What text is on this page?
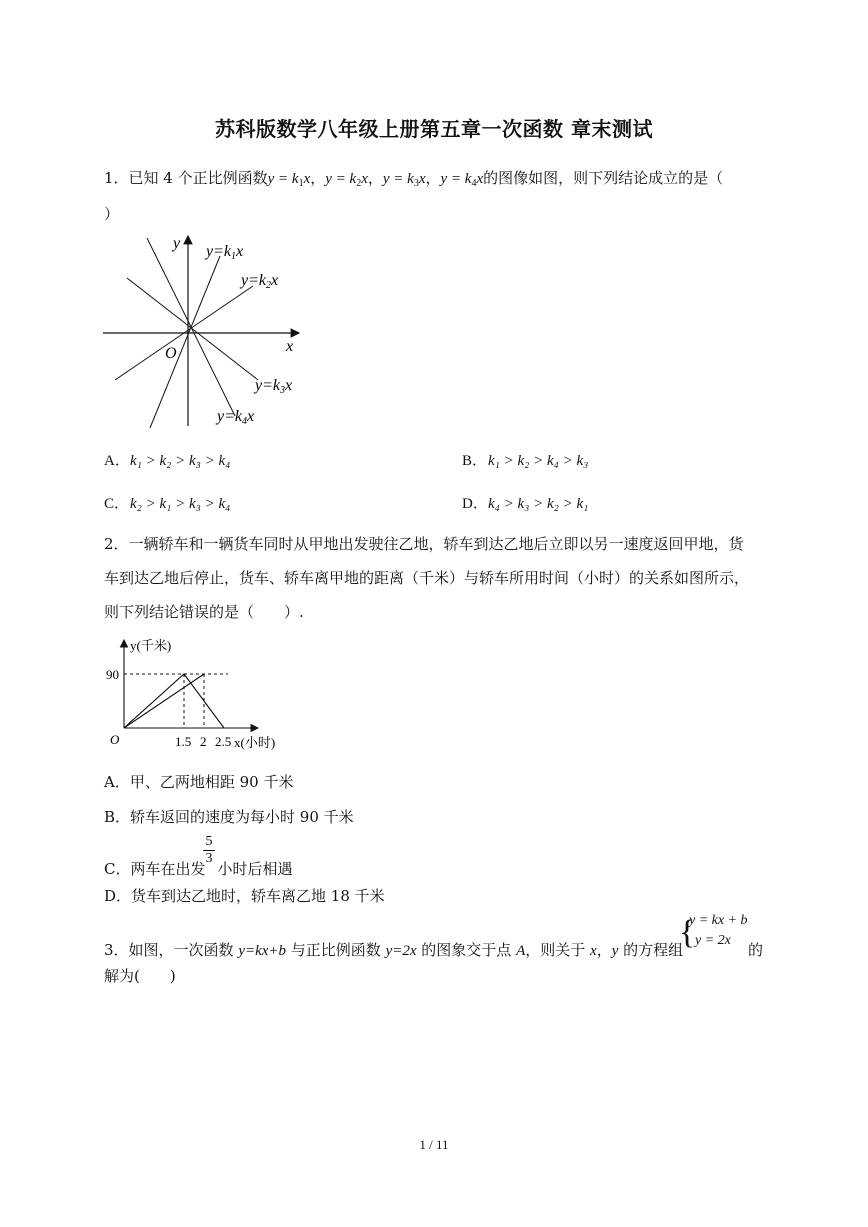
苏科版数学八年级上册第五章一次函数 章末测试
1．已知 4 个正比例函数$y = k_1x$，$y = k_2x$，$y = k_3x$，$y = k_4x$的图像如图，则下列结论成立的是（
）
y
x
O
y=k1x
y=k2x
y=k3x
y=k4x
A．k₁ > k₂ > k₃ > k₄	B．k₁ > k₂ > k₄ > k₃
C．k₂ > k₁ > k₃ > k₄	D．k₄ > k₃ > k₂ > k₁
2．一辆轿车和一辆货车同时从甲地出发驶往乙地，轿车到达乙地后立即以另一速度返回甲地，货
车到达乙地后停止，货车、轿车离甲地的距离（千米）与轿车所用时间（小时）的关系如图所示，
则下列结论错误的是（　　）.
y(千米)
x(小时)
O
90
1.5 2 2.5
A．甲、乙两地相距 90 千米
B．轿车返回的速度为每小时 90 千米
C．两车在出发 小时后相遇
$\frac{5}{3}$
D．货车到达乙地时，轿车离乙地 18 千米
3．如图，一次函数 y=kx+b 与正比例函数 y=2x 的图象交于点 A，则关于 x，y 的方程组
{
y = kx + b
y = 2x
的
解为(　　)
1 / 11
